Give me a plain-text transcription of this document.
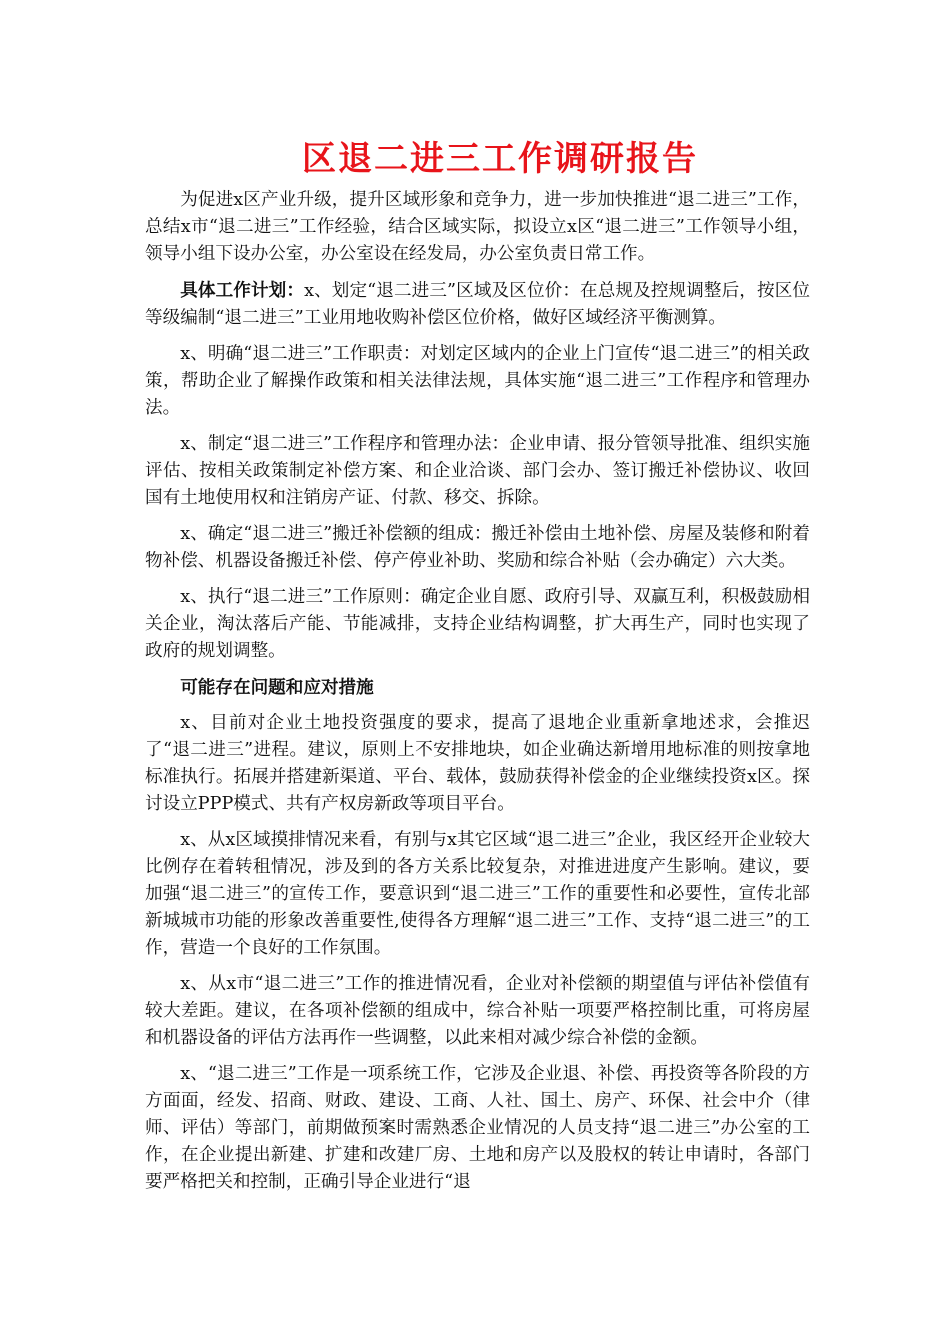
区退二进三工作调研报告

为促进x区产业升级，提升区域形象和竞争力，进一步加快推进“退二进三”工作，总结x市“退二进三”工作经验，结合区域实际，拟设立x区“退二进三”工作领导小组，领导小组下设办公室，办公室设在经发局，办公室负责日常工作。

具体工作计划：x、划定“退二进三”区域及区位价：在总规及控规调整后，按区位等级编制“退二进三”工业用地收购补偿区位价格，做好区域经济平衡测算。

x、明确“退二进三”工作职责：对划定区域内的企业上门宣传“退二进三”的相关政策，帮助企业了解操作政策和相关法律法规，具体实施“退二进三”工作程序和管理办法。

x、制定“退二进三”工作程序和管理办法：企业申请、报分管领导批准、组织实施评估、按相关政策制定补偿方案、和企业洽谈、部门会办、签订搬迁补偿协议、收回国有土地使用权和注销房产证、付款、移交、拆除。

x、确定“退二进三”搬迁补偿额的组成：搬迁补偿由土地补偿、房屋及装修和附着物补偿、机器设备搬迁补偿、停产停业补助、奖励和综合补贴（会办确定）六大类。

x、执行“退二进三”工作原则：确定企业自愿、政府引导、双赢互利，积极鼓励相关企业，淘汰落后产能、节能减排，支持企业结构调整，扩大再生产，同时也实现了政府的规划调整。

可能存在问题和应对措施

x、目前对企业土地投资强度的要求，提高了退地企业重新拿地述求，会推迟了“退二进三”进程。建议，原则上不安排地块，如企业确达新增用地标准的则按拿地标准执行。拓展并搭建新渠道、平台、载体，鼓励获得补偿金的企业继续投资x区。探讨设立PPP模式、共有产权房新政等项目平台。

x、从x区域摸排情况来看，有别与x其它区域“退二进三”企业，我区经开企业较大比例存在着转租情况，涉及到的各方关系比较复杂，对推进进度产生影响。建议，要加强“退二进三”的宣传工作，要意识到“退二进三”工作的重要性和必要性，宣传北部新城城市功能的形象改善重要性,使得各方理解“退二进三”工作、支持“退二进三”的工作，营造一个良好的工作氛围。

x、从x市“退二进三”工作的推进情况看，企业对补偿额的期望值与评估补偿值有较大差距。建议，在各项补偿额的组成中，综合补贴一项要严格控制比重，可将房屋和机器设备的评估方法再作一些调整，以此来相对减少综合补偿的金额。

x、“退二进三”工作是一项系统工作，它涉及企业退、补偿、再投资等各阶段的方方面面，经发、招商、财政、建设、工商、人社、国土、房产、环保、社会中介（律师、评估）等部门，前期做预案时需熟悉企业情况的人员支持“退二进三”办公室的工作，在企业提出新建、扩建和改建厂房、土地和房产以及股权的转让申请时，各部门要严格把关和控制，正确引导企业进行“退
